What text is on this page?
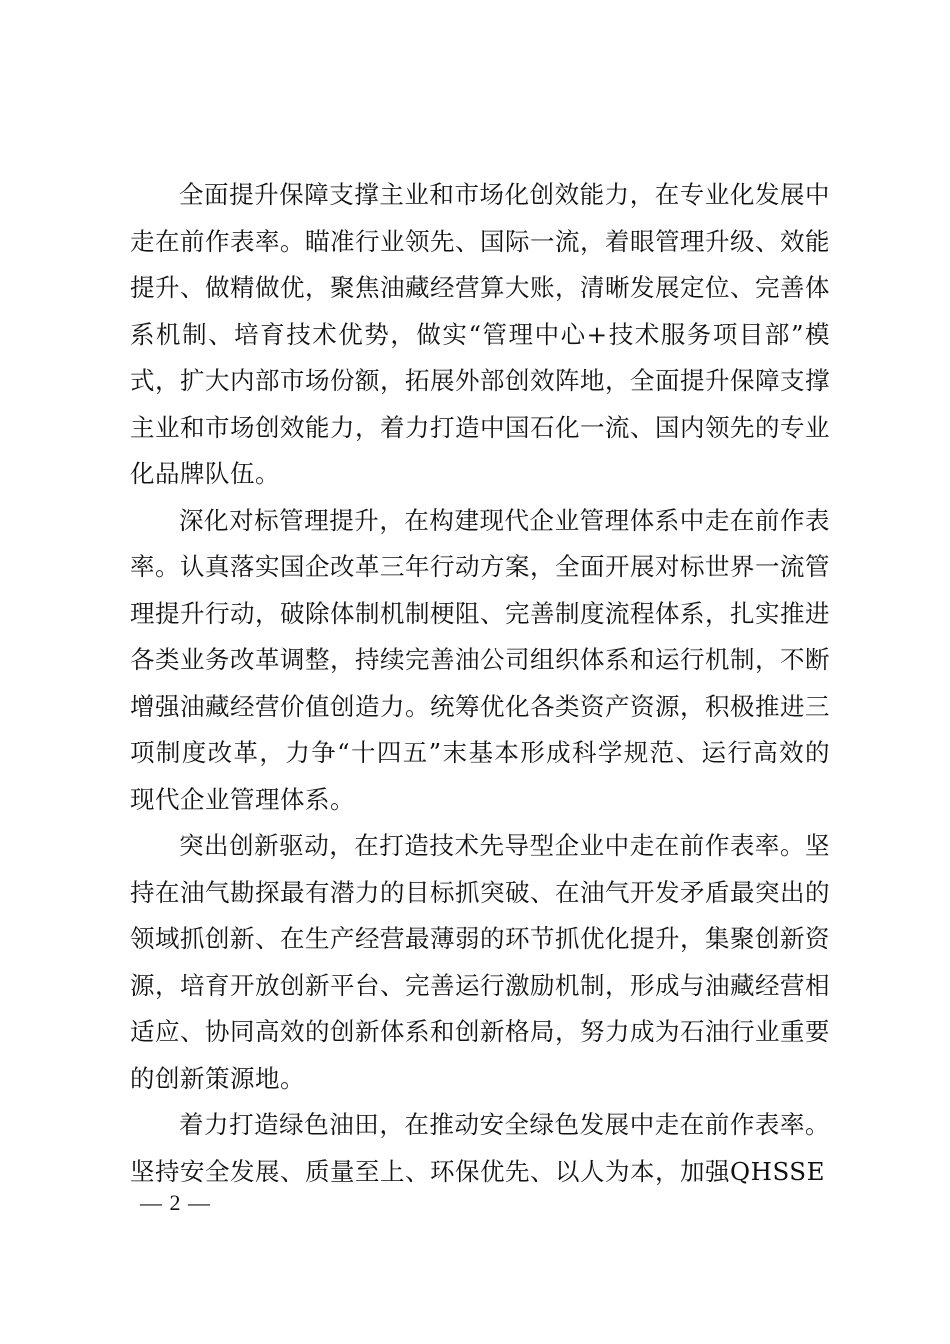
全面提升保障支撑主业和市场化创效能力，在专业化发展中走在前作表率。瞄准行业领先、国际一流，着眼管理升级、效能提升、做精做优，聚焦油藏经营算大账，清晰发展定位、完善体系机制、培育技术优势，做实“管理中心+技术服务项目部”模式，扩大内部市场份额，拓展外部创效阵地，全面提升保障支撑主业和市场创效能力，着力打造中国石化一流、国内领先的专业化品牌队伍。

深化对标管理提升，在构建现代企业管理体系中走在前作表率。认真落实国企改革三年行动方案，全面开展对标世界一流管理提升行动，破除体制机制梗阻、完善制度流程体系，扎实推进各类业务改革调整，持续完善油公司组织体系和运行机制，不断增强油藏经营价值创造力。统筹优化各类资产资源，积极推进三项制度改革，力争“十四五”末基本形成科学规范、运行高效的现代企业管理体系。

突出创新驱动，在打造技术先导型企业中走在前作表率。坚持在油气勘探最有潜力的目标抓突破、在油气开发矛盾最突出的领域抓创新、在生产经营最薄弱的环节抓优化提升，集聚创新资源，培育开放创新平台、完善运行激励机制，形成与油藏经营相适应、协同高效的创新体系和创新格局，努力成为石油行业重要的创新策源地。

着力打造绿色油田，在推动安全绿色发展中走在前作表率。坚持安全发展、质量至上、环保优先、以人为本，加强QHSSE

— 2 —
